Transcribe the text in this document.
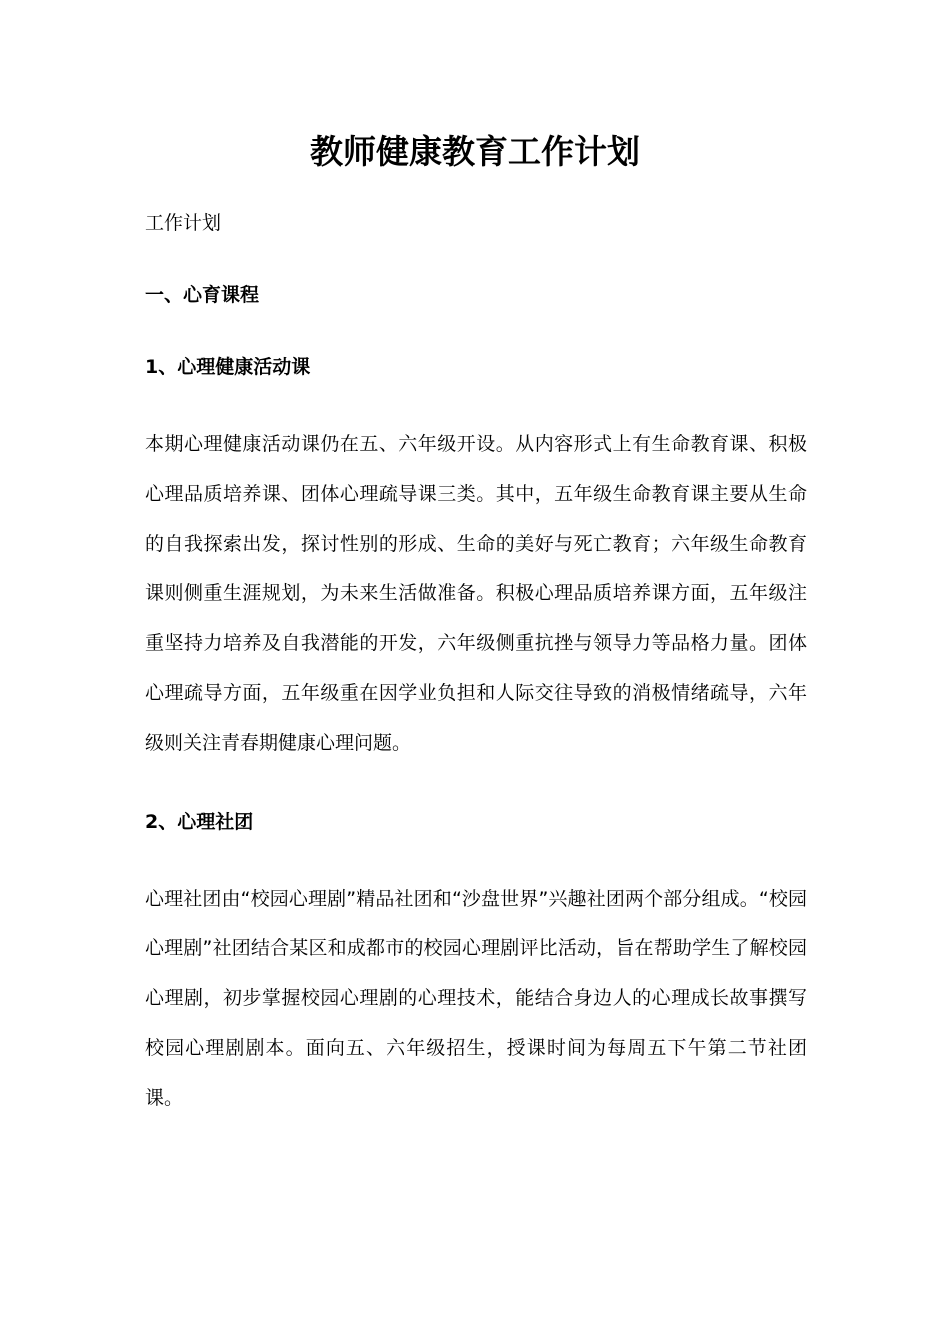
教师健康教育工作计划

工作计划

一、心育课程

1、心理健康活动课

本期心理健康活动课仍在五、六年级开设。从内容形式上有生命教育课、积极心理品质培养课、团体心理疏导课三类。其中，五年级生命教育课主要从生命的自我探索出发，探讨性别的形成、生命的美好与死亡教育；六年级生命教育课则侧重生涯规划，为未来生活做准备。积极心理品质培养课方面，五年级注重坚持力培养及自我潜能的开发，六年级侧重抗挫与领导力等品格力量。团体心理疏导方面，五年级重在因学业负担和人际交往导致的消极情绪疏导，六年级则关注青春期健康心理问题。

2、心理社团

心理社团由“校园心理剧”精品社团和“沙盘世界”兴趣社团两个部分组成。“校园心理剧”社团结合某区和成都市的校园心理剧评比活动，旨在帮助学生了解校园心理剧，初步掌握校园心理剧的心理技术，能结合身边人的心理成长故事撰写校园心理剧剧本。面向五、六年级招生，授课时间为每周五下午第二节社团课。
